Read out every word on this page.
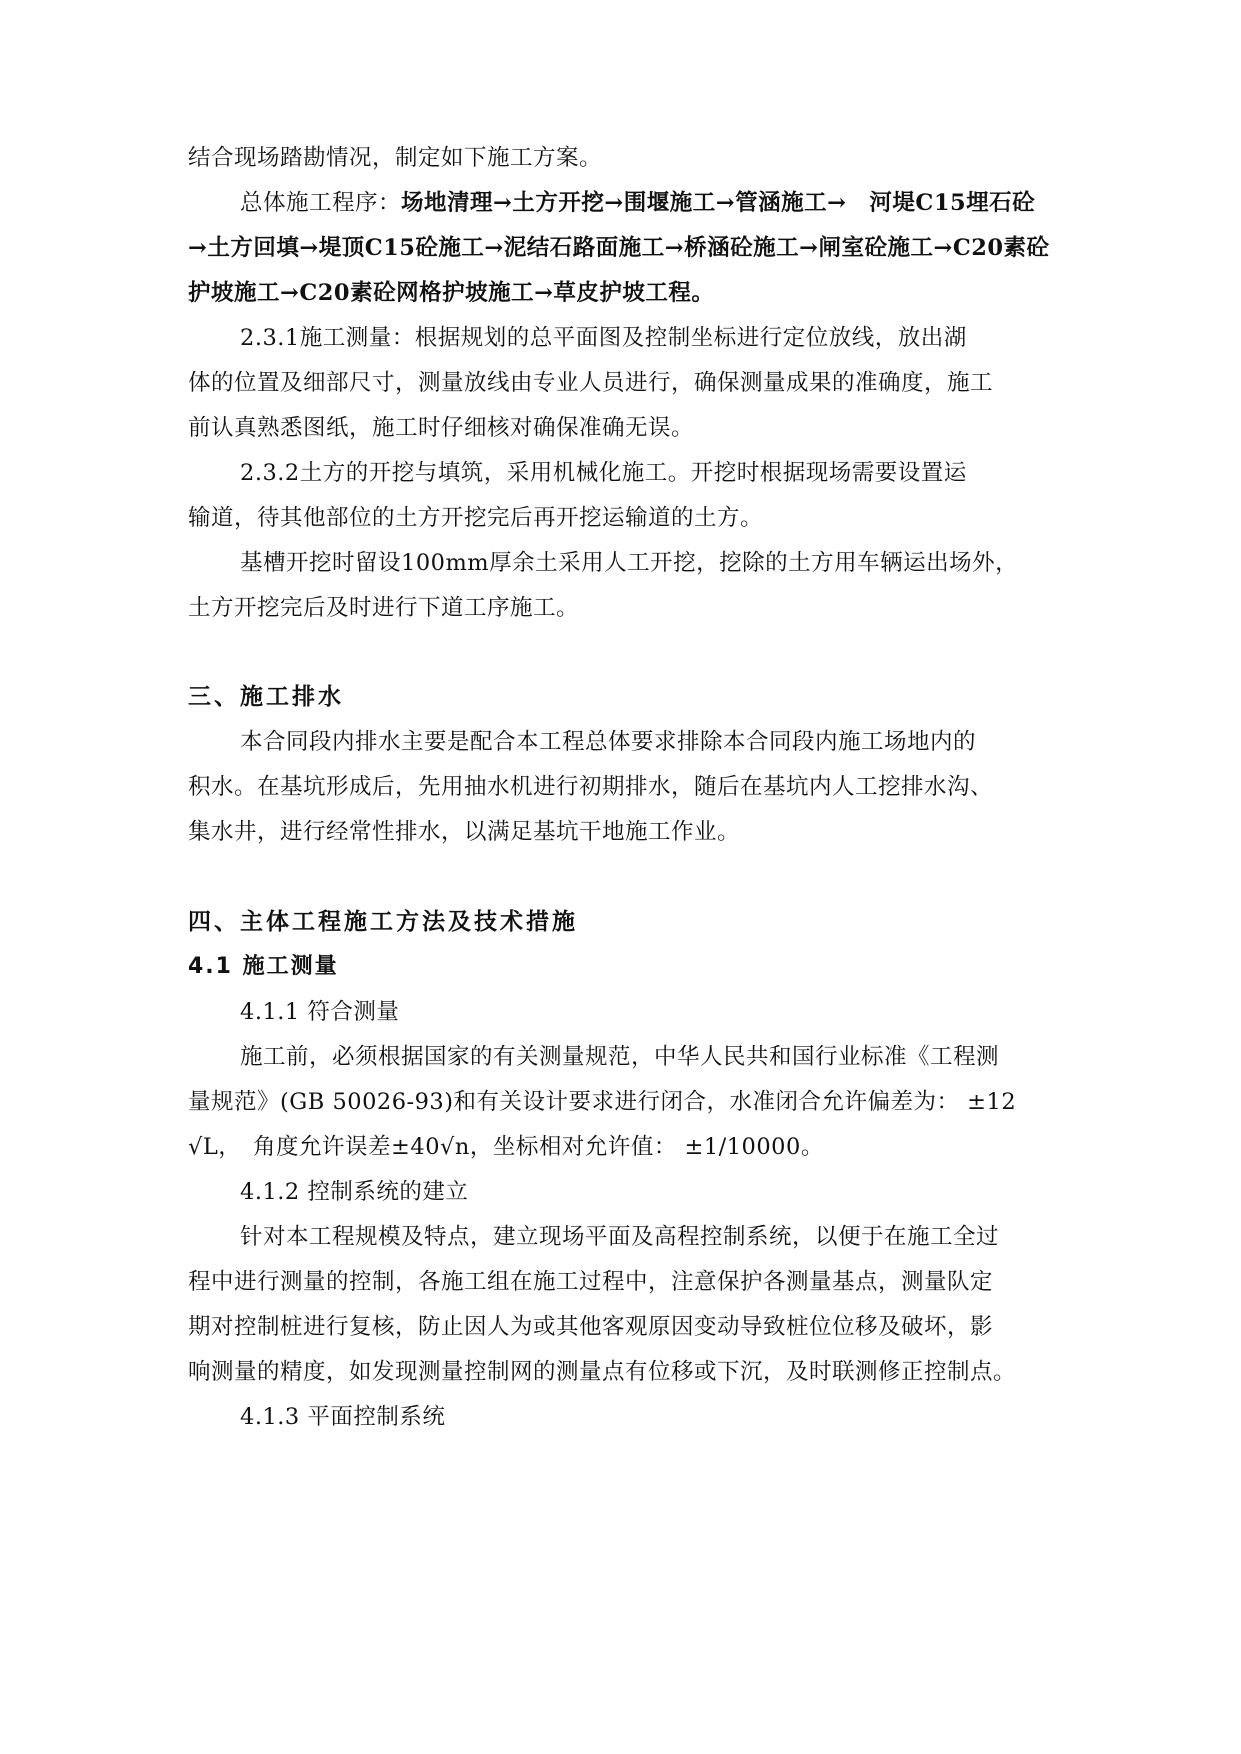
结合现场踏勘情况，制定如下施工方案。
总体施工程序：场地清理→土方开挖→围堰施工→管涵施工→　河堤C15埋石砼
→土方回填→堤顶C15砼施工→泥结石路面施工→桥涵砼施工→闸室砼施工→C20素砼
护坡施工→C20素砼网格护坡施工→草皮护坡工程。
2.3.1施工测量：根据规划的总平面图及控制坐标进行定位放线，放出湖
体的位置及细部尺寸，测量放线由专业人员进行，确保测量成果的准确度，施工
前认真熟悉图纸，施工时仔细核对确保准确无误。
2.3.2土方的开挖与填筑，采用机械化施工。开挖时根据现场需要设置运
输道，待其他部位的土方开挖完后再开挖运输道的土方。
基槽开挖时留设100mm厚余土采用人工开挖，挖除的土方用车辆运出场外，
土方开挖完后及时进行下道工序施工。
三、施工排水
本合同段内排水主要是配合本工程总体要求排除本合同段内施工场地内的
积水。在基坑形成后，先用抽水机进行初期排水，随后在基坑内人工挖排水沟、
集水井，进行经常性排水，以满足基坑干地施工作业。
四、主体工程施工方法及技术措施
4.1 施工测量
4.1.1 符合测量
施工前，必须根据国家的有关测量规范，中华人民共和国行业标准《工程测
量规范》(GB 50026-93)和有关设计要求进行闭合，水准闭合允许偏差为： ±12
√L，　角度允许误差±40√n，坐标相对允许值： ±1/10000。
4.1.2 控制系统的建立
针对本工程规模及特点，建立现场平面及高程控制系统，以便于在施工全过
程中进行测量的控制，各施工组在施工过程中，注意保护各测量基点，测量队定
期对控制桩进行复核，防止因人为或其他客观原因变动导致桩位位移及破坏，影
响测量的精度，如发现测量控制网的测量点有位移或下沉，及时联测修正控制点。
4.1.3 平面控制系统
